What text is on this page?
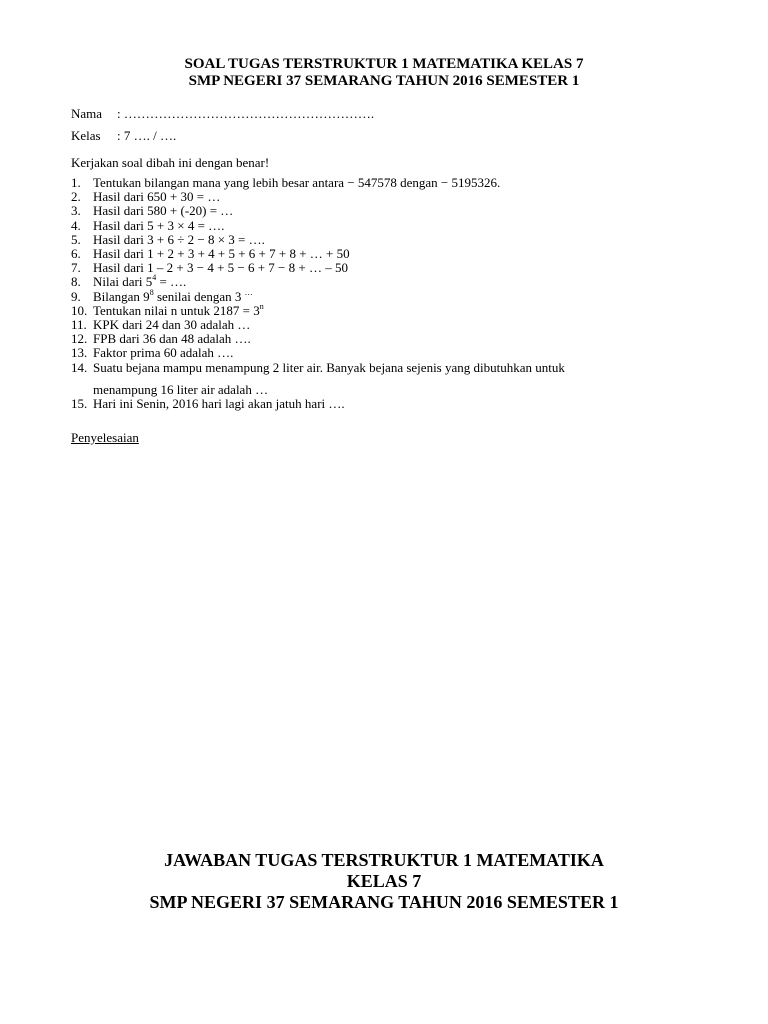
SOAL TUGAS TERSTRUKTUR 1 MATEMATIKA KELAS 7
SMP NEGERI 37 SEMARANG TAHUN 2016 SEMESTER 1
Nama : ………………………………………………….
Kelas : 7 …. / ….
Kerjakan soal dibah ini dengan benar!
1. Tentukan bilangan mana yang lebih besar antara − 547578 dengan − 5195326.
2. Hasil dari 650 + 30 = …
3. Hasil dari 580 + (-20) = …
4. Hasil dari 5 + 3 × 4 = ….
5. Hasil dari 3 + 6 ÷ 2 − 8 × 3 = ….
6. Hasil dari 1 + 2 + 3 + 4 + 5 + 6 + 7 + 8 + … + 50
7. Hasil dari 1 – 2 + 3 − 4 + 5 − 6 + 7 − 8 + … – 50
8. Nilai dari $5^4$ = ….
9. Bilangan $9^8$ senilai dengan 3 …
10. Tentukan nilai n untuk $2187 = 3^n$
11. KPK dari 24 dan 30 adalah …
12. FPB dari 36 dan 48 adalah ….
13. Faktor prima 60 adalah ….
14. Suatu bejana mampu menampung 2 liter air. Banyak bejana sejenis yang dibutuhkan untuk
menampung 16 liter air adalah …
15. Hari ini Senin, 2016 hari lagi akan jatuh hari ….
Penyelesaian
JAWABAN TUGAS TERSTRUKTUR 1 MATEMATIKA
KELAS 7
SMP NEGERI 37 SEMARANG TAHUN 2016 SEMESTER 1
